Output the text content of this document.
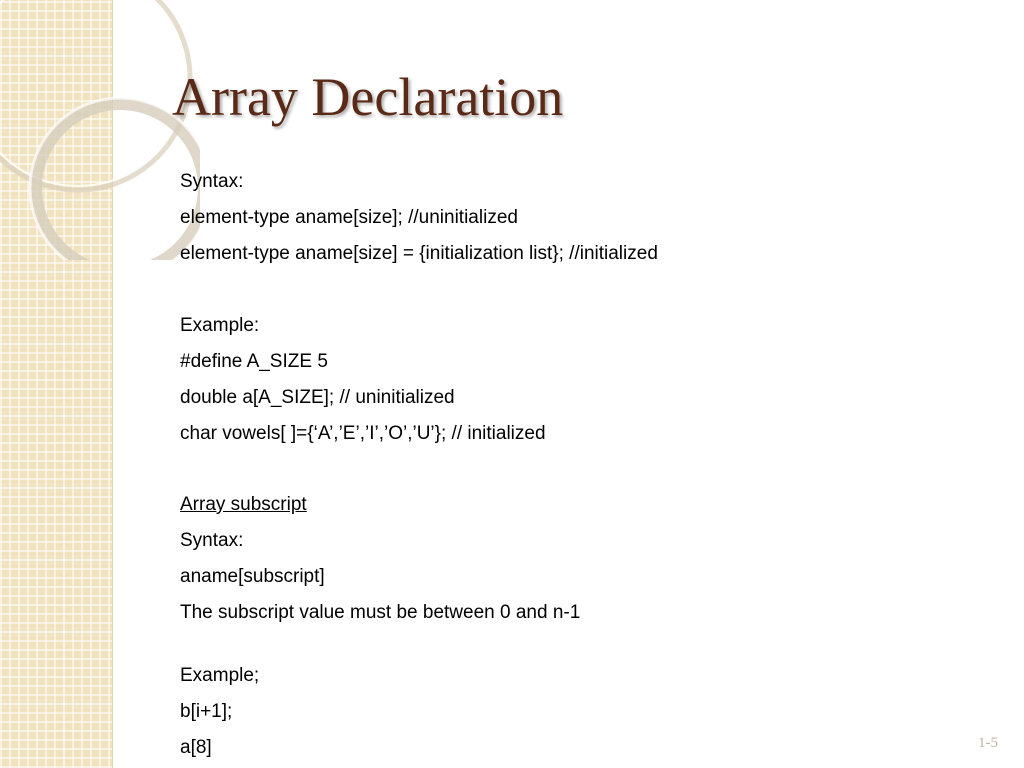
Array Declaration

Syntax:

element-type aname[size]; //uninitialized

element-type aname[size] = {initialization list}; //initialized

Example:

#define A_SIZE 5

double a[A_SIZE]; // uninitialized

char vowels[ ]={‘A’,’E’,’I’,’O’,’U’}; // initialized

Array subscript

Syntax:

aname[subscript]

The subscript value must be between 0 and n-1

Example;

b[i+1];

a[8]	1-5
